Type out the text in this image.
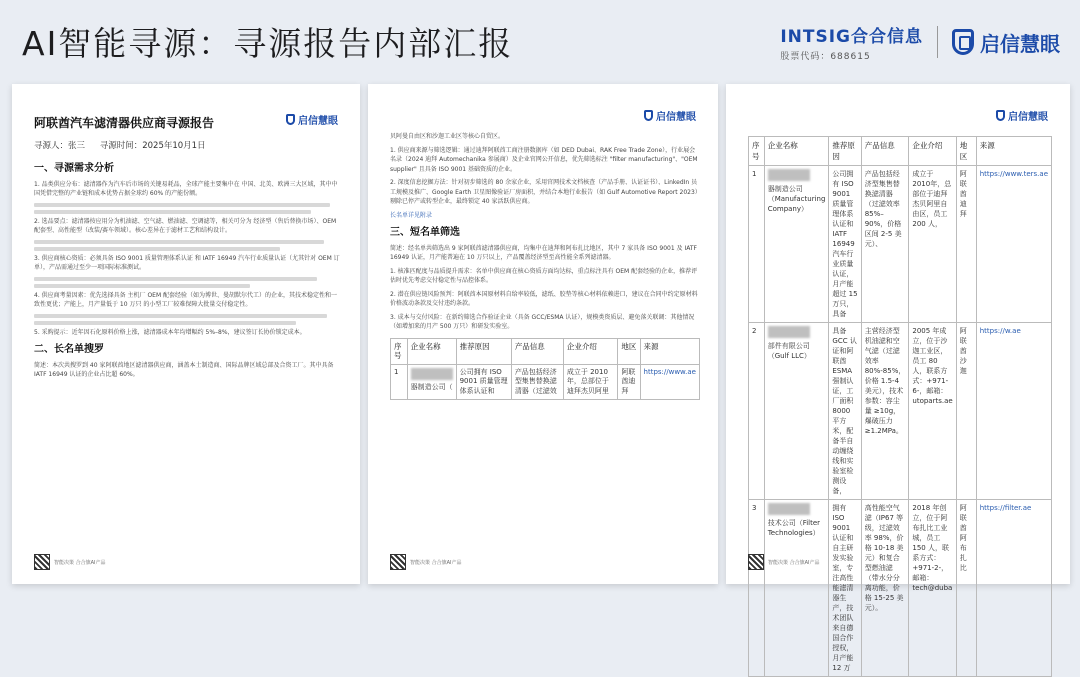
AI智能寻源：寻源报告内部汇报	INTSIG合合信息
股票代码：688615
启信慧眼
启信慧眼
阿联酋汽车滤清器供应商寻源报告
寻源人：张三 寻源时间：2025年10月1日
一、寻源需求分析

1. 品类供应分布：滤清器作为汽车后市场的关键易耗品，全球产能主要集中在 中国、北美、欧洲三大区域，其中中国凭借完整的产业链和成本优势占据全球约 60% 的产能份额。

2. 选品要点：滤清器按应用分为机油滤、空气滤、燃油滤、空调滤等，相关可分为 经济型（售后替换市场）、OEM 配套型、高性能型（改装/赛车领域）。核心差异在于滤材工艺和结构设计。

3. 供应商核心资质：必须具备 ISO 9001 质量管理体系认证 和 IATF 16949 汽车行业质量认证（尤其针对 OEM 订单），产品需通过至少一项国际标准测试。

4. 供应商考量因素：优先选择具备 主机厂 OEM 配套经验（如为博世、曼胡默尔代工）的企业，其技术稳定性和一致性更优；产能上，月产量低于 10 万只 的小型工厂较难保障大批量交付稳定性。

5. 采购提示：近年因石化原料价格上涨，滤清器成本年均增幅约 5%–8%，建议签订长协价锁定成本。

二、长名单搜罗

简述：本次共搜罗到 40 家阿联酋地区滤清器供应商，涵盖本土制造商、国际品牌区域总部及合资工厂。其中具备 IATF 16949 认证的企业占比超 60%。

智能决策 合合旗AI产品
启信慧眼

贝阿曼自由区和沙迦工业区等核心自贸区。

1. 供应商来源与筛选逻辑：通过迪拜阿联酋工商注册数据库（如 DED Dubai、RAK Free Trade Zone），行业展会名录（2024 迪拜 Automechanika 参展商）及企业官网公开信息，优先筛选标注 "filter manufacturing"、"OEM supplier" 且具备 ISO 9001 基础资质的企业。

2. 深度信息挖掘方法：针对初步筛选的 80 余家企业，采用官网技术文档核查（产品手册、认证证书）、LinkedIn 员工规模及推广、Google Earth 卫星图像验证厂房面积，并结合本地行业报告（如 Gulf Automotive Report 2023）剔除已停产或转型企业，最终锁定 40 家活跃供应商。

长名单详见附录

三、短名单筛选

简述：经名单共筛选出 9 家阿联酋滤清器供应商，均集中在迪拜和阿布扎比地区，其中 7 家具备 ISO 9001 及 IATF 16949 认证，月产能普遍在 10 万只以上，产品覆盖经济型至高性能全系列滤清器。

1. 核准匹配度与品质提升需求：名单中供应商在核心资质方面均达标，重点标注具有 OEM 配套经验的企业，推荐评估时优先考虑交付稳定性与品控体系。

2. 潜在供应链风险预判：阿联酋本国原材料自给率较低，滤纸、胶垫等核心材料依赖进口，建议在合同中约定原材料价格波动条款及交付违约条款。

3. 成本与交付风险：在新约筛选合作验证企业（具备 GCC/ESMA 认证），规模类资质层、避免落关联调：其他情况（如增加来的月产 500 万只）和研发实验室。

序号	企业名称	推荐原因	产品信息	企业介绍	地区	来源
1	器制造公司（	公司拥有 ISO 9001 质量管理体系认证和	产品包括经济型集售替换滤清器（过滤效	成立于 2010年，总部位于迪拜杰贝阿里	阿联酋迪拜	https://www.ae
智能决策 合合旗AI产品
启信慧眼
序号	企业名称	推荐原因	产品信息	企业介绍	地区	来源
1	器制造公司（Manufacturing Company）	公司拥有 ISO 9001 质量管理体系认证和 IATF 16949 汽车行业质量认证，月产能超过 15 万只，具备	产品包括经济型集售替换滤清器（过滤效率 85%–90%，价格区间 2-5 美元）、	成立于 2010年，总部位于迪拜杰贝阿里自由区，员工 200 人，	阿联酋迪拜	https://www.ters.ae
2	部件有限公司（Gulf LLC）	具备 GCC 认证和阿联酋 ESMA 强制认证，工厂面积 8000 平方米，配备半自动缠绕线和实验室检测设备，	主营经济型机油滤和空气滤（过滤效率 80%-85%，价格 1.5-4 美元），技术参数：容尘量 ≥10g，爆破压力 ≥1.2MPa。	2005 年成立，位于沙迦工业区，员工 80 人，联系方式：+971-6-，邮箱：utoparts.ae	阿联酋沙迦	https://w.ae
3	技术公司（Filter Technologies）	拥有 ISO 9001 认证和自主研发实验室，专注高性能滤清器生产，技术团队来自德国合作授权，月产能 12 万	高性能空气滤（IP67 等级，过滤效率 98%，价格 10-18 美元）和复合型燃油滤（带水分分离功能，价格 15-25 美元）。	2018 年创立，位于阿布扎比工业城，员工 150 人，联系方式：+971-2-，邮箱：tech@duba	阿联酋阿布扎比	https://filter.ae
智能决策 合合旗AI产品
